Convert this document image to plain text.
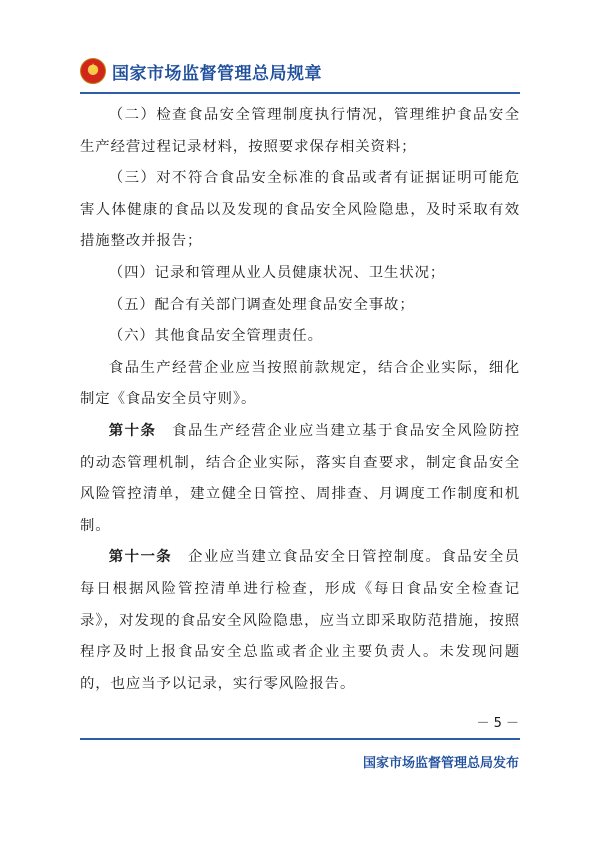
★
国家市场监督管理总局规章

（二）检查食品安全管理制度执行情况，管理维护食品安全生产经营过程记录材料，按照要求保存相关资料；

（三）对不符合食品安全标准的食品或者有证据证明可能危害人体健康的食品以及发现的食品安全风险隐患，及时采取有效措施整改并报告；

（四）记录和管理从业人员健康状况、卫生状况；

（五）配合有关部门调查处理食品安全事故；

（六）其他食品安全管理责任。

食品生产经营企业应当按照前款规定，结合企业实际，细化制定《食品安全员守则》。

第十条  食品生产经营企业应当建立基于食品安全风险防控的动态管理机制，结合企业实际，落实自查要求，制定食品安全风险管控清单，建立健全日管控、周排查、月调度工作制度和机制。

第十一条  企业应当建立食品安全日管控制度。食品安全员每日根据风险管控清单进行检查，形成《每日食品安全检查记录》，对发现的食品安全风险隐患，应当立即采取防范措施，按照程序及时上报食品安全总监或者企业主要负责人。未发现问题的，也应当予以记录，实行零风险报告。

－ 5 －
国家市场监督管理总局发布
